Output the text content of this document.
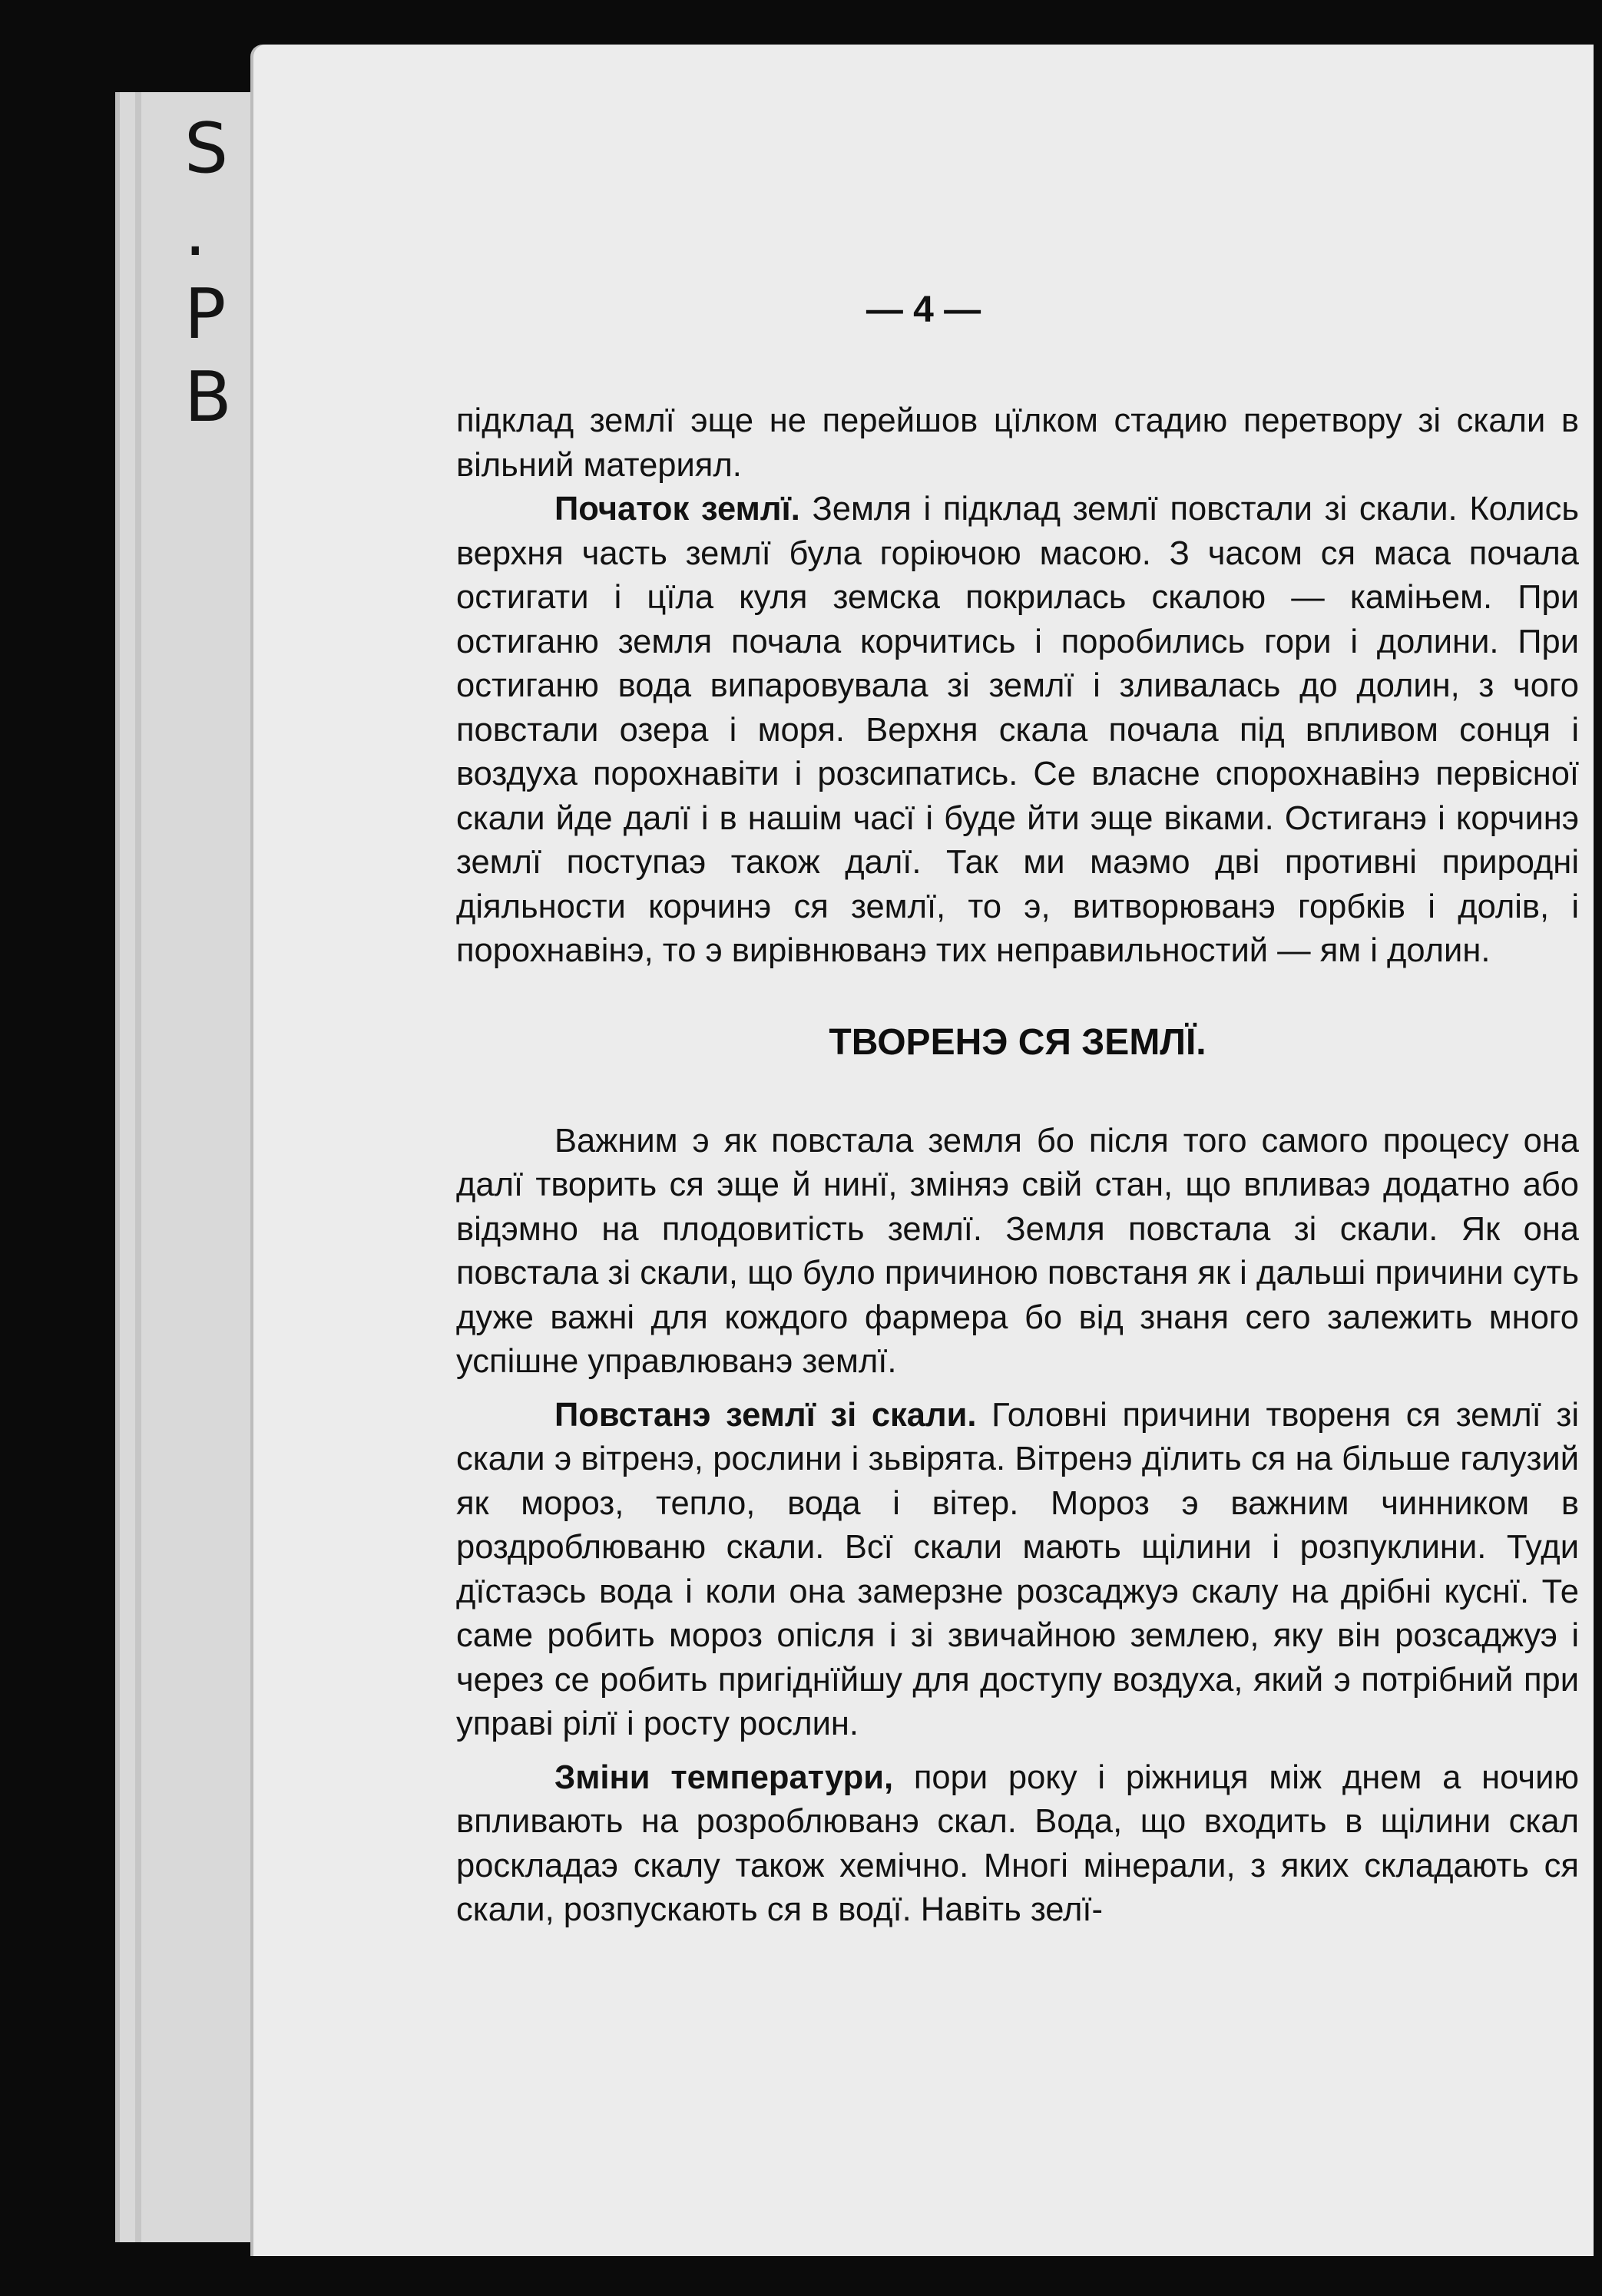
S
.
P
B
— 4 —

підклад землї эще не перейшов цїлком стадию перетвору зі скали в вільний материял.

Початок землї. Земля і підклад землї повстали зі скали. Колись верхня часть землї була горіючою масою. З часом ся маса почала остигати і цїла куля земска покрилась скалою — каміњем. При остиганю земля почала корчитись і поробились гори і долини. При остиганю вода випаровувала зі землї і зливалась до долин, з чого повстали озера і моря. Верхня скала почала під впливом сонця і воздуха порохнавіти і розсипатись. Се власне спорохнавінэ первісної скали йде далї і в нашім часї і буде йти эще віками. Остиганэ і корчинэ землї поступаэ також далї. Так ми маэмо дві противні природні діяльности корчинэ ся землї, то э, витворюванэ горбків і долів, і порохнавінэ, то э вирівнюванэ тих неправильностий — ям і долин.

ТВОРЕНЭ СЯ ЗЕМЛЇ.

Важним э як повстала земля бо після того самого процесу она далї творить ся эще й нинї, зміняэ свій стан, що впливаэ додатно або відэмно на плодовитість землї. Земля повстала зі скали. Як она повстала зі скали, що було причиною повстаня як і дальші причини суть дуже важні для кождого фармера бо від знаня сего залежить много успішне управлюванэ землї.

Повстанэ землї зі скали. Головні причини твореня ся землї зі скали э вітренэ, рослини і зьвірята. Вітренэ дїлить ся на більше галузий як мороз, тепло, вода і вітер. Мороз э важним чинником в роздроблюваню скали. Всї скали мають щілини і розпуклини. Туди дїстаэсь вода і коли она замерзне розсаджуэ скалу на дрібні куснї. Те саме робить мороз опісля і зі звичайною землею, яку він розсаджуэ і через се робить пригіднїйшу для доступу воздуха, який э потрібний при управі рілї і росту рослин.

Зміни температури, пори року і ріжниця між днем а ночию впливають на розроблюванэ скал. Вода, що входить в щілини скал роскладаэ скалу також хемічно. Многі мінерали, з яких складають ся скали, розпускають ся в водї. Навіть зелї-
